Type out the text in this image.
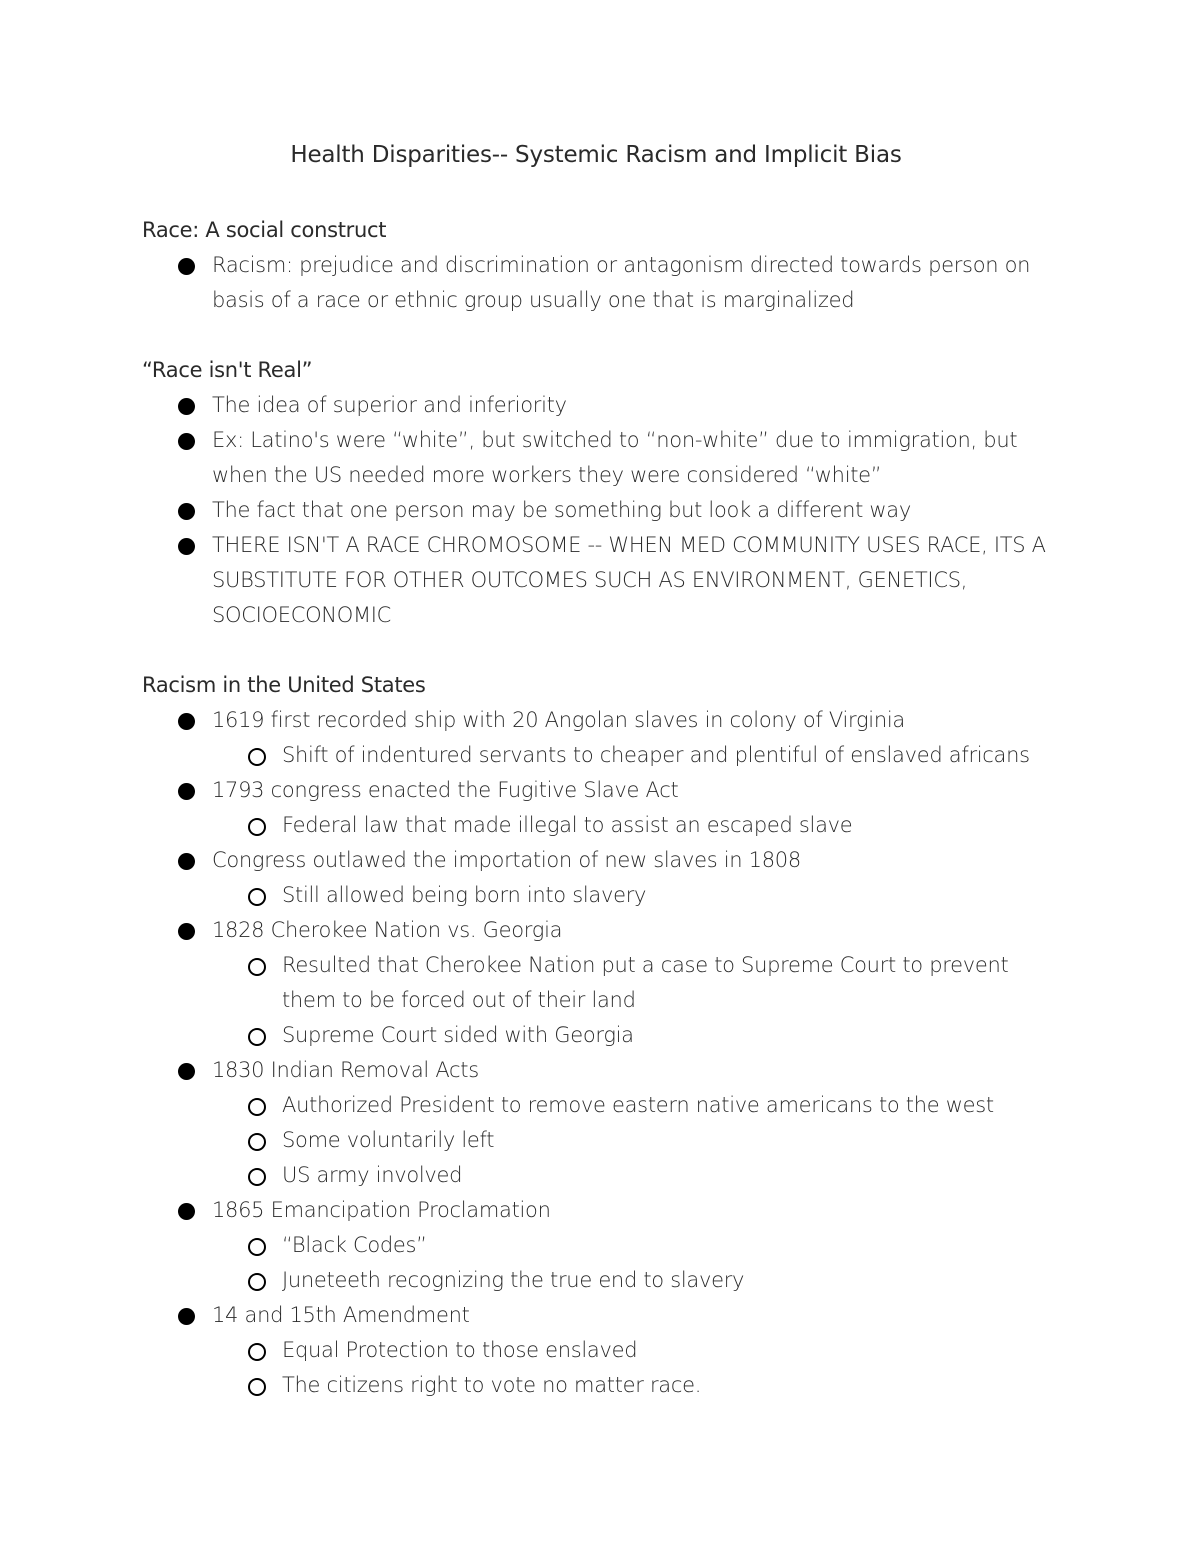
Health Disparities-- Systemic Racism and Implicit Bias

Race: A social construct

Racism: prejudice and discrimination or antagonism directed towards person on basis of a race or ethnic group usually one that is marginalized

“Race isn't Real”

The idea of superior and inferiority
Ex: Latino's were “white”, but switched to “non-white” due to immigration, but when the US needed more workers they were considered “white”
The fact that one person may be something but look a different way
THERE ISN'T A RACE CHROMOSOME -- WHEN MED COMMUNITY USES RACE, ITS A SUBSTITUTE FOR OTHER OUTCOMES SUCH AS ENVIRONMENT, GENETICS, SOCIOECONOMIC

Racism in the United States

1619 first recorded ship with 20 Angolan slaves in colony of Virginia
Shift of indentured servants to cheaper and plentiful of enslaved africans
1793 congress enacted the Fugitive Slave Act
Federal law that made illegal to assist an escaped slave
Congress outlawed the importation of new slaves in 1808
Still allowed being born into slavery
1828 Cherokee Nation vs. Georgia
Resulted that Cherokee Nation put a case to Supreme Court to prevent them to be forced out of their land
Supreme Court sided with Georgia
1830 Indian Removal Acts
Authorized President to remove eastern native americans to the west
Some voluntarily left
US army involved
1865 Emancipation Proclamation
“Black Codes”
Juneteeth recognizing the true end to slavery
14 and 15th Amendment
Equal Protection to those enslaved
The citizens right to vote no matter race.
